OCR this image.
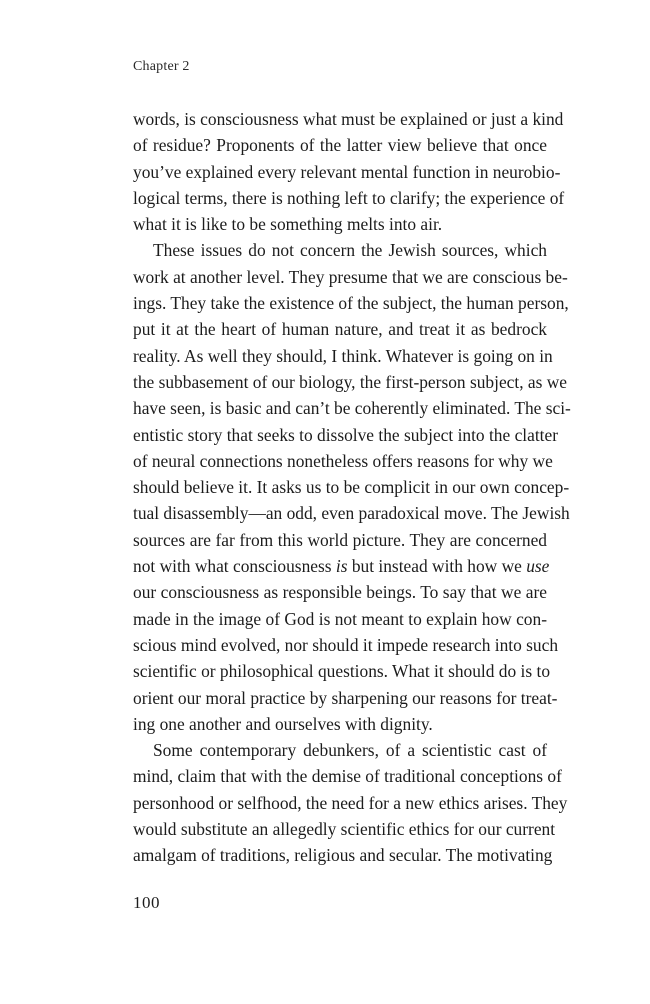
Chapter 2
words, is consciousness what must be explained or just a kind
of residue? Proponents of the latter view believe that once
you’ve explained every relevant mental function in neurobio-
logical terms, there is nothing left to clarify; the experience of
what it is like to be something melts into air.
These issues do not concern the Jewish sources, which
work at another level. They presume that we are conscious be-
ings. They take the existence of the subject, the human person,
put it at the heart of human nature, and treat it as bedrock
reality. As well they should, I think. Whatever is going on in
the subbasement of our biology, the first-person subject, as we
have seen, is basic and can’t be coherently eliminated. The sci-
entistic story that seeks to dissolve the subject into the clatter
of neural connections nonetheless offers reasons for why we
should believe it. It asks us to be complicit in our own concep-
tual disassembly—an odd, even paradoxical move. The Jewish
sources are far from this world picture. They are concerned
not with what consciousness is but instead with how we use
our consciousness as responsible beings. To say that we are
made in the image of God is not meant to explain how con-
scious mind evolved, nor should it impede research into such
scientific or philosophical questions. What it should do is to
orient our moral practice by sharpening our reasons for treat-
ing one another and ourselves with dignity.
Some contemporary debunkers, of a scientistic cast of
mind, claim that with the demise of traditional conceptions of
personhood or selfhood, the need for a new ethics arises. They
would substitute an allegedly scientific ethics for our current
amalgam of traditions, religious and secular. The motivating
100
